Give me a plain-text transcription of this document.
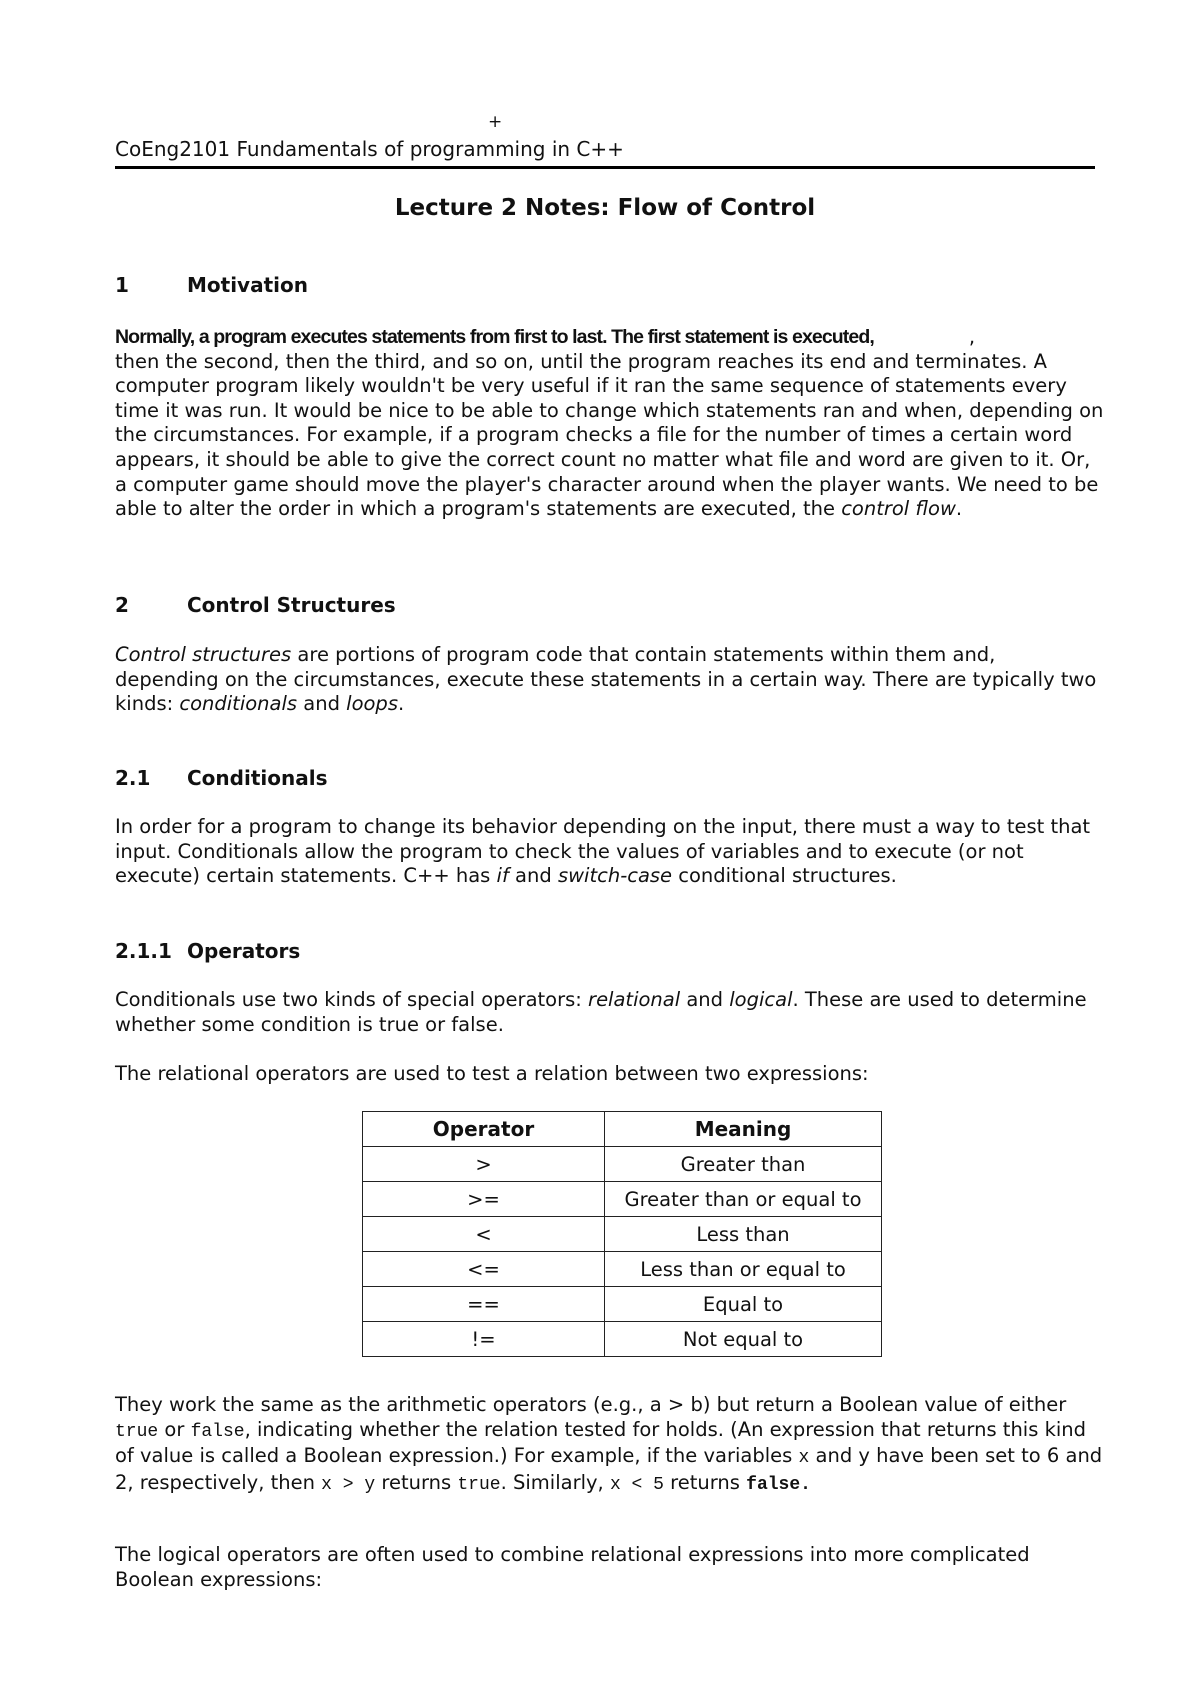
+
CoEng2101 Fundamentals of programming in C++
Lecture 2 Notes: Flow of Control
1	Motivation

Normally, a program executes statements from first to last. The first statement is executed,	,
then the second, then the third, and so on, until the program reaches its end and terminates. A computer program likely wouldn't be very useful if it ran the same sequence of statements every time it was run. It would be nice to be able to change which statements ran and when, depending on the circumstances. For example, if a program checks a file for the number of times a certain word appears, it should be able to give the correct count no matter what file and word are given to it. Or, a computer game should move the player's character around when the player wants. We need to be able to alter the order in which a program's statements are executed, the control flow.

2	Control Structures

Control structures are portions of program code that contain statements within them and, depending on the circumstances, execute these statements in a certain way. There are typically two kinds: conditionals and loops.

2.1 Conditionals

In order for a program to change its behavior depending on the input, there must a way to test that input. Conditionals allow the program to check the values of variables and to execute (or not execute) certain statements. C++ has if and switch-case conditional structures.

2.1.1 Operators

Conditionals use two kinds of special operators: relational and logical. These are used to determine whether some condition is true or false.

The relational operators are used to test a relation between two expressions:

Operator	Meaning
>	Greater than
>=	Greater than or equal to
<	Less than
<=	Less than or equal to
==	Equal to
!=	Not equal to

They work the same as the arithmetic operators (e.g., a > b) but return a Boolean value of either true or false, indicating whether the relation tested for holds. (An expression that returns this kind of value is called a Boolean expression.) For example, if the variables x and y have been set to 6 and 2, respectively, then x > y returns true. Similarly, x < 5 returns false.

The logical operators are often used to combine relational expressions into more complicated Boolean expressions:
